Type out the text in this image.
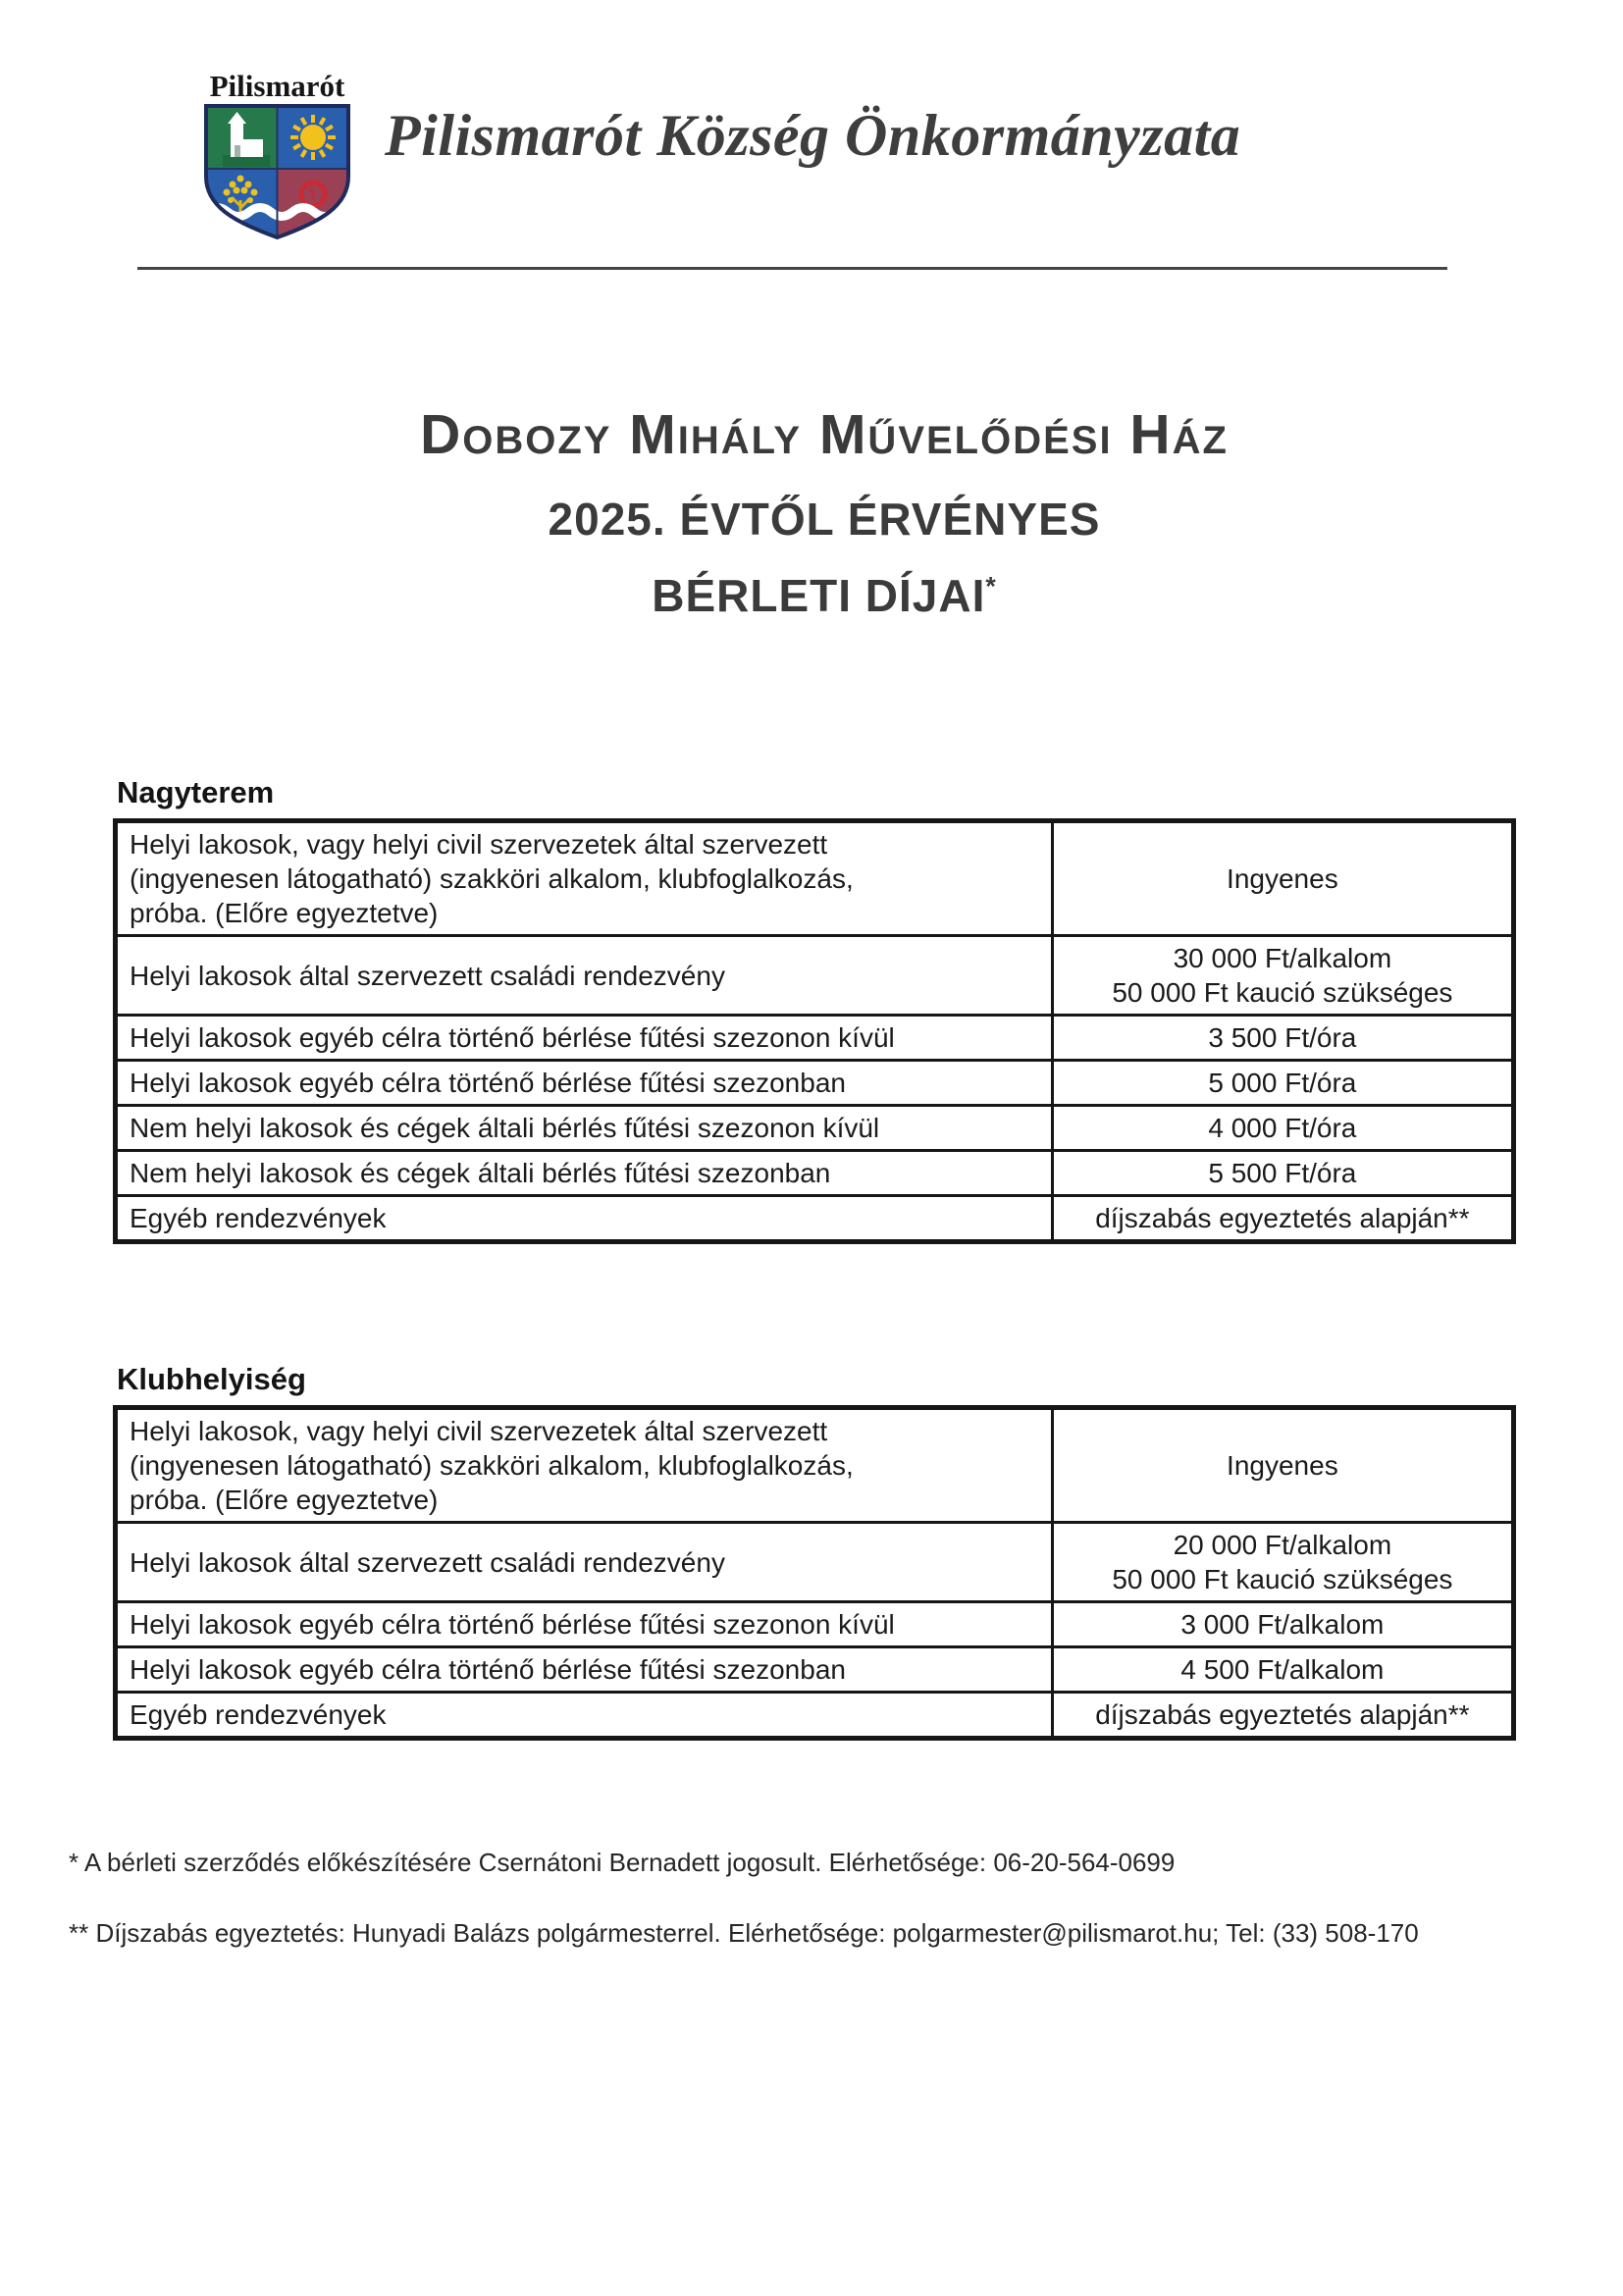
Pilismarót
Pilismarót Község Önkormányzata
Dobozy Mihály Művelődési Ház
2025. ÉVTŐL ÉRVÉNYES
BÉRLETI DÍJAI*
Nagyterem
Helyi lakosok, vagy helyi civil szervezetek által szervezett
(ingyenesen látogatható) szakköri alkalom, klubfoglalkozás,
próba. (Előre egyeztetve)	Ingyenes

Helyi lakosok által szervezett családi rendezvény	30 000 Ft/alkalom
50 000 Ft kaució szükséges

Helyi lakosok egyéb célra történő bérlése fűtési szezonon kívül	3 500 Ft/óra

Helyi lakosok egyéb célra történő bérlése fűtési szezonban	5 000 Ft/óra

Nem helyi lakosok és cégek általi bérlés fűtési szezonon kívül	4 000 Ft/óra

Nem helyi lakosok és cégek általi bérlés fűtési szezonban	5 500 Ft/óra

Egyéb rendezvények	díjszabás egyeztetés alapján**
Klubhelyiség
Helyi lakosok, vagy helyi civil szervezetek által szervezett
(ingyenesen látogatható) szakköri alkalom, klubfoglalkozás,
próba. (Előre egyeztetve)	Ingyenes

Helyi lakosok által szervezett családi rendezvény	20 000 Ft/alkalom
50 000 Ft kaució szükséges

Helyi lakosok egyéb célra történő bérlése fűtési szezonon kívül	3 000 Ft/alkalom

Helyi lakosok egyéb célra történő bérlése fűtési szezonban	4 500 Ft/alkalom

Egyéb rendezvények	díjszabás egyeztetés alapján**

* A bérleti szerződés előkészítésére Csernátoni Bernadett jogosult. Elérhetősége: 06-20-564-0699

** Díjszabás egyeztetés: Hunyadi Balázs polgármesterrel. Elérhetősége: polgarmester@pilismarot.hu; Tel: (33) 508-170
